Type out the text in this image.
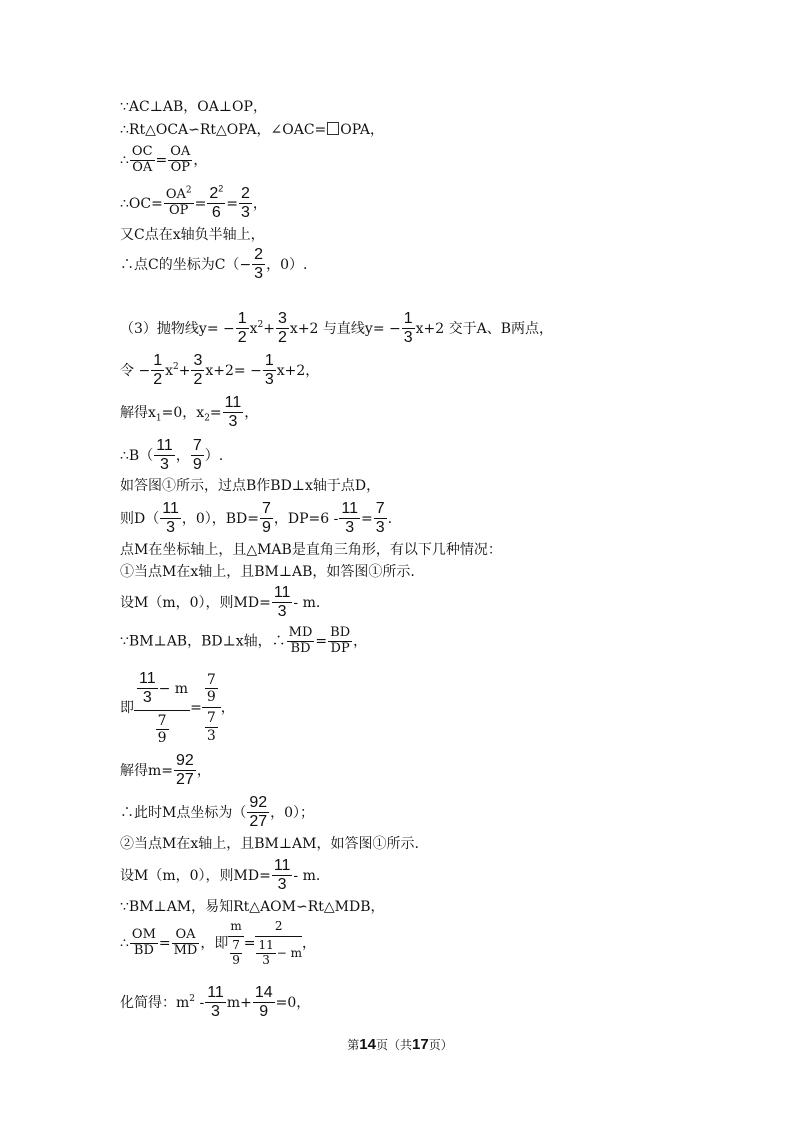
∵AC⊥AB，OA⊥OP，
∴Rt△OCA∽Rt△OPA，∠OAC= OPA，
∴ $\frac{OC}{OA} = \frac{OA}{OP}$ ，
∴OC= $\frac{OA^2}{OP} = \frac{2^2}{6} = \frac{2}{3}$ ，
又C点在x轴负半轴上，
∴点C的坐标为$C(- \frac{2}{3}$ ，0）.
（3）抛物线$y= - \frac{1}{2} x^2+ \frac{3}{2} x+2$ 与直线$y= - \frac{1}{3} x+2$ 交于A、B两点，
令 − $\frac{1}{2} x^2+ \frac{3}{2} x+2= - \frac{1}{3} x+2$，
解得$x_1=0$，$x_2= \frac{11}{3}$ ，
∴B（ $\frac{11}{3}$ ， $\frac{7}{9}$ ）.
如答图①所示，过点B作BD⊥x轴于点D，
则$D( \frac{11}{3}$ ，0），$BD= \frac{7}{9}$ ，$DP=6 - \frac{11}{3} = \frac{7}{3}$ .
点M在坐标轴上，且△MAB是直角三角形，有以下几种情况：
①当点M在x轴上，且BM⊥AB，如答图①所示.
设M（m，0），则$MD= \frac{11}{3} - m$.
∵BM⊥AB，BD⊥x轴，∴ $\frac{MD}{BD} = \frac{BD}{DP}$ ，
即 $\frac{\frac{11}{3} - m}{\frac{7}{9}} = \frac{\frac{7}{9}}{\frac{7}{3}}$ ，
解得$m= \frac{92}{27}$ ，
∴此时M点坐标为（ $\frac{92}{27}$ ，0）；
②当点M在x轴上，且BM⊥AM，如答图①所示.
设M（m，0），则$MD= \frac{11}{3} - m$.
∵BM⊥AM，易知Rt△AOM∽Rt△MDB，
∴ $\frac{OM}{BD} = \frac{OA}{MD}$ ，即 $\frac{m}{\frac{7}{9}} = \frac{2}{\frac{11}{3} - m}$ ，
化简得：$m^2 - \frac{11}{3} m+ \frac{14}{9} =0$，
第14页（共17页）
